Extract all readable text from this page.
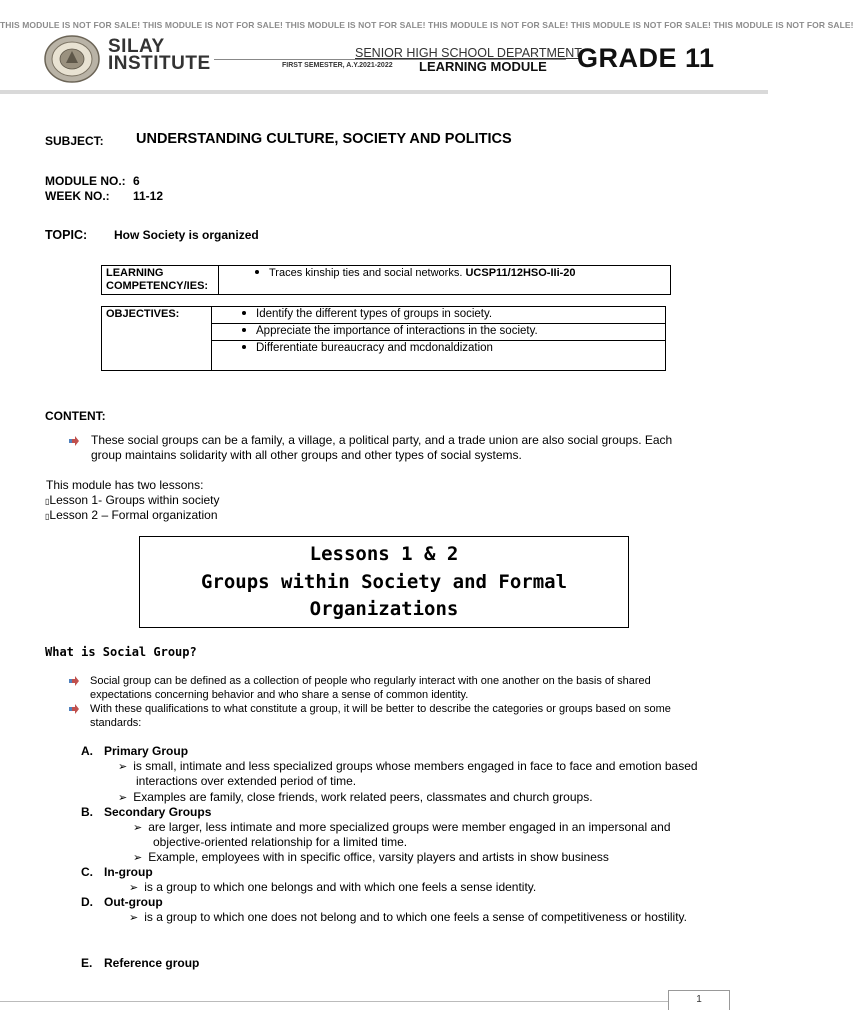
THIS MODULE IS NOT FOR SALE! THIS MODULE IS NOT FOR SALE! THIS MODULE IS NOT FOR SALE! THIS MODULE IS NOT FOR SALE! THIS MODULE IS NOT FOR SALE! THIS MODULE IS NOT FOR SALE!
SILAY
INSTITUTE	SENIOR HIGH SCHOOL DEPARTMENT
FIRST SEMESTER, A.Y.2021-2022 LEARNING MODULE GRADE 11
SUBJECT: UNDERSTANDING CULTURE, SOCIETY AND POLITICS
MODULE NO.: 6
WEEK NO.: 11-12
TOPIC: How Society is organized
LEARNING COMPETENCY/IES:	Traces kinship ties and social networks. UCSP11/12HSO-IIi-20
OBJECTIVES:	Identify the different types of groups in society.
Appreciate the importance of interactions in the society.
Differentiate bureaucracy and mcdonaldization
CONTENT:
These social groups can be a family, a village, a political party, and a trade union are also social groups. Each
group maintains solidarity with all other groups and other types of social systems.
This module has two lessons:
▯Lesson 1- Groups within society
▯Lesson 2 – Formal organization
Lessons 1 & 2
Groups within Society and Formal
Organizations
What is Social Group?
Social group can be defined as a collection of people who regularly interact with one another on the basis of shared
expectations concerning behavior and who share a sense of common identity.
With these qualifications to what constitute a group, it will be better to describe the categories or groups based on some
standards:
A. Primary Group
➢ is small, intimate and less specialized groups whose members engaged in face to face and emotion based
interactions over extended period of time.
➢ Examples are family, close friends, work related peers, classmates and church groups.
B. Secondary Groups
➢ are larger, less intimate and more specialized groups were member engaged in an impersonal and
objective-oriented relationship for a limited time.
➢ Example, employees with in specific office, varsity players and artists in show business
C. In-group
➢ is a group to which one belongs and with which one feels a sense identity.
D. Out-group
➢ is a group to which one does not belong and to which one feels a sense of competitiveness or hostility.
E. Reference group
1
